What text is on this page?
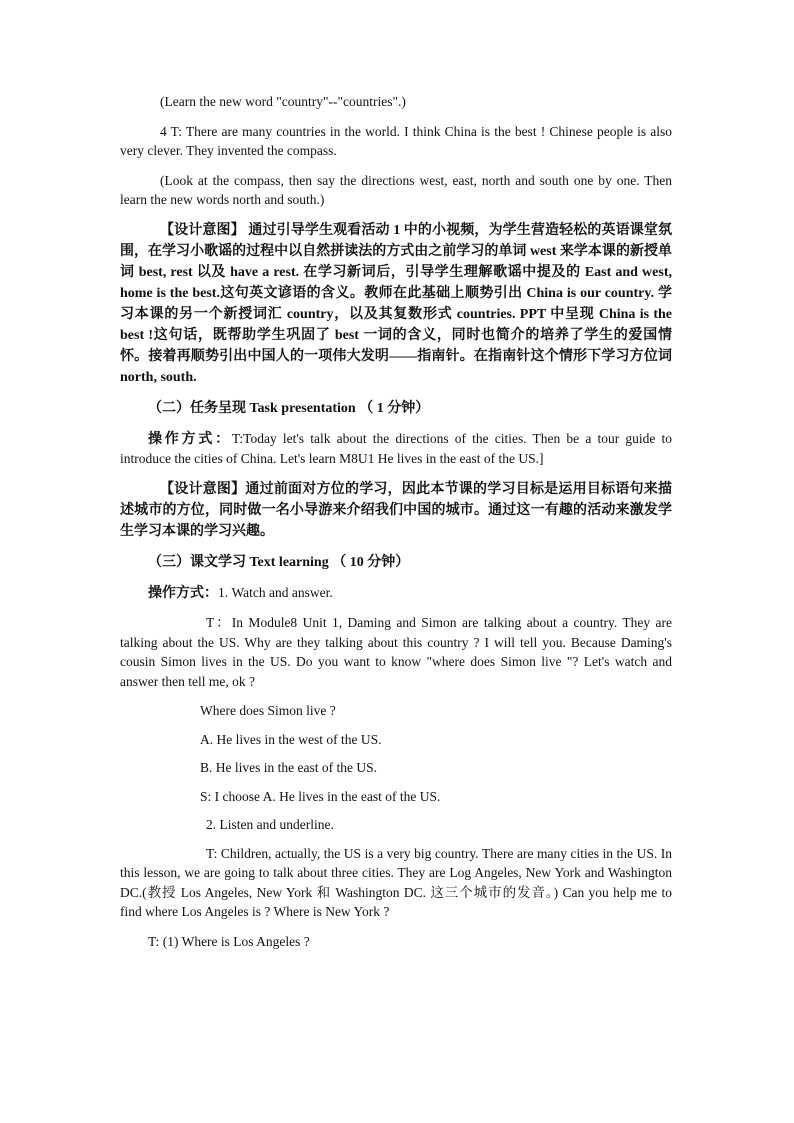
(Learn the new word "country"--"countries".)

4 T: There are many countries in the world. I think China is the best ! Chinese people is also very clever. They invented the compass.

(Look at the compass, then say the directions west, east, north and south one by one. Then learn the new words north and south.)

【设计意图】 通过引导学生观看活动 1 中的小视频，为学生营造轻松的英语课堂氛围，在学习小歌谣的过程中以自然拼读法的方式由之前学习的单词 west 来学本课的新授单词 best, rest 以及 have a rest. 在学习新词后，引导学生理解歌谣中提及的 East and west, home is the best.这句英文谚语的含义。教师在此基础上顺势引出 China is our country. 学习本课的另一个新授词汇 country，以及其复数形式 countries. PPT 中呈现 China is the best !这句话，既帮助学生巩固了 best 一词的含义，同时也简介的培养了学生的爱国情怀。接着再顺势引出中国人的一项伟大发明——指南针。在指南针这个情形下学习方位词 north, south.

（二）任务呈现 Task presentation （ 1 分钟）

操作方式：T:Today let's talk about the directions of the cities. Then be a tour guide to introduce the cities of China. Let's learn M8U1 He lives in the east of the US.]

【设计意图】通过前面对方位的学习，因此本节课的学习目标是运用目标语句来描述城市的方位，同时做一名小导游来介绍我们中国的城市。通过这一有趣的活动来激发学生学习本课的学习兴趣。

（三）课文学习 Text learning （ 10 分钟）

操作方式：1. Watch and answer.

T：In Module8 Unit 1, Daming and Simon are talking about a country. They are talking about the US. Why are they talking about this country ? I will tell you. Because Daming's cousin Simon lives in the US. Do you want to know "where does Simon live "? Let's watch and answer then tell me, ok ?

Where does Simon live ?

A. He lives in the west of the US.

B. He lives in the east of the US.

S: I choose A. He lives in the east of the US.

2. Listen and underline.

T: Children, actually, the US is a very big country. There are many cities in the US. In this lesson, we are going to talk about three cities. They are Log Angeles, New York and Washington DC.(教授 Los Angeles, New York 和 Washington DC. 这三个城市的发音。) Can you help me to find where Los Angeles is ? Where is New York ?

T: (1) Where is Los Angeles ?
